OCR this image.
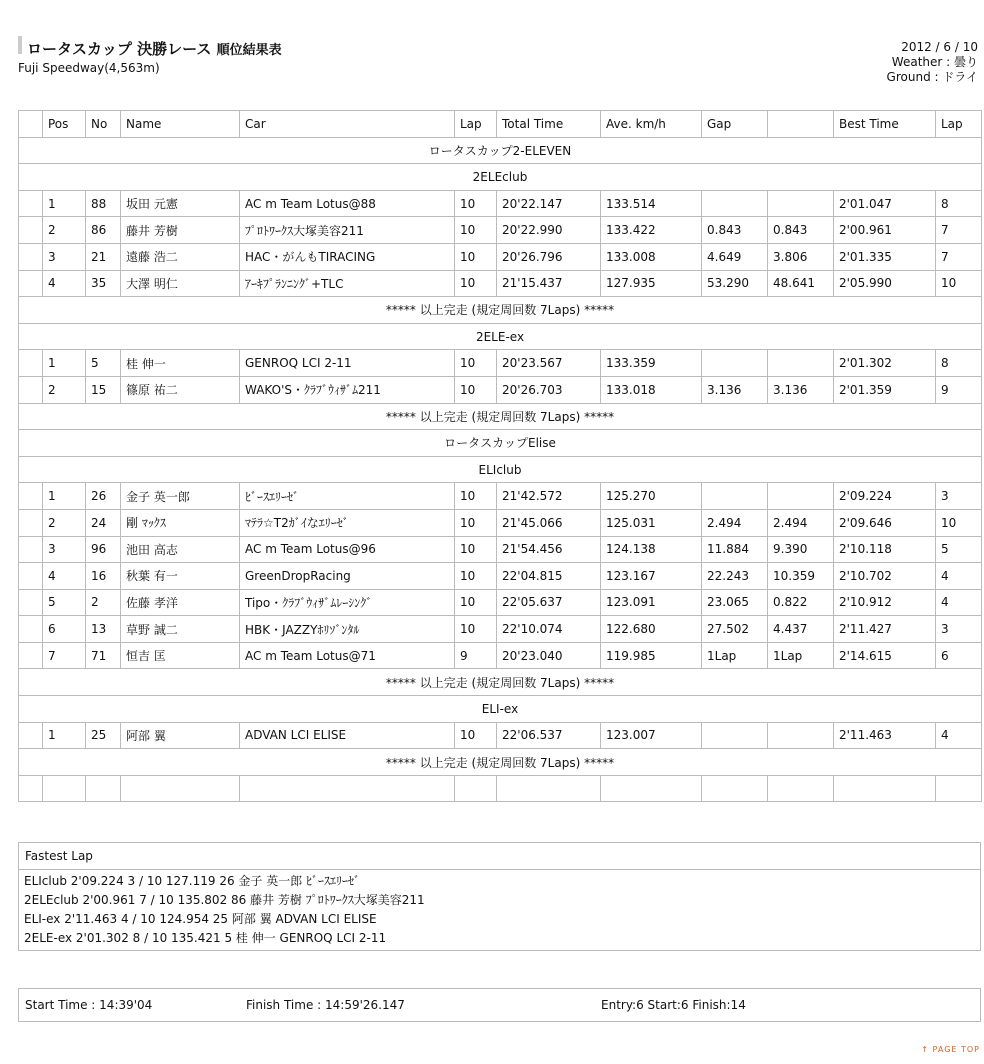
ロータスカップ 決勝レース 順位結果表
Fuji Speedway(4,563m)
2012 / 6 / 10
Weather : 曇り
Ground : ドライ
	Pos	No	Name	Car	Lap	Total Time	Ave. km/h	Gap		Best Time	Lap
ロータスカップ2-ELEVEN											
2ELEclub											
	1	88	坂田 元憲	AC m Team Lotus@88	10	20'22.147	133.514			2'01.047	8
	2	86	藤井 芳樹	ﾌﾟﾛﾄﾜｰｸｽ大塚美容211	10	20'22.990	133.422	0.843	0.843	2'00.961	7
	3	21	遠藤 浩二	HAC・がんもTIRACING	10	20'26.796	133.008	4.649	3.806	2'01.335	7
	4	35	大澤 明仁	ｱｰｷﾌﾟﾗﾝﾆﾝｸﾞ+TLC	10	21'15.437	127.935	53.290	48.641	2'05.990	10
***** 以上完走 (規定周回数 7Laps) *****											
2ELE-ex											
	1	5	桂 伸一	GENROQ LCI 2-11	10	20'23.567	133.359			2'01.302	8
	2	15	篠原 祐二	WAKO'S・ｸﾗﾌﾞｳｨｻﾞﾑ211	10	20'26.703	133.018	3.136	3.136	2'01.359	9
***** 以上完走 (規定周回数 7Laps) *****											
ロータスカップElise											
ELIclub											
	1	26	金子 英一郎	ﾋﾞｰｽｴﾘｰｾﾞ	10	21'42.572	125.270			2'09.224	3
	2	24	剛 ﾏｯｸｽ	ﾏﾃﾗ☆T2ｶﾞｲなｴﾘｰｾﾞ	10	21'45.066	125.031	2.494	2.494	2'09.646	10
	3	96	池田 高志	AC m Team Lotus@96	10	21'54.456	124.138	11.884	9.390	2'10.118	5
	4	16	秋葉 有一	GreenDropRacing	10	22'04.815	123.167	22.243	10.359	2'10.702	4
	5	2	佐藤 孝洋	Tipo・ｸﾗﾌﾞｳｨｻﾞﾑﾚｰｼﾝｸﾞ	10	22'05.637	123.091	23.065	0.822	2'10.912	4
	6	13	草野 誠二	HBK・JAZZYﾎﾘｿﾞﾝﾀﾙ	10	22'10.074	122.680	27.502	4.437	2'11.427	3
	7	71	恒吉 匡	AC m Team Lotus@71	9	20'23.040	119.985	1Lap	1Lap	2'14.615	6
***** 以上完走 (規定周回数 7Laps) *****											
ELI-ex											
	1	25	阿部 翼	ADVAN LCI ELISE	10	22'06.537	123.007			2'11.463	4
***** 以上完走 (規定周回数 7Laps) *****											

Fastest Lap
ELIclub 2'09.224 3 / 10 127.119 26 金子 英一郎 ﾋﾞｰｽｴﾘｰｾﾞ
2ELEclub 2'00.961 7 / 10 135.802 86 藤井 芳樹 ﾌﾟﾛﾄﾜｰｸｽ大塚美容211
ELI-ex 2'11.463 4 / 10 124.954 25 阿部 翼 ADVAN LCI ELISE
2ELE-ex 2'01.302 8 / 10 135.421 5 桂 伸一 GENROQ LCI 2-11
Start Time : 14:39'04	Finish Time : 14:59'26.147	Entry:6 Start:6 Finish:14
↑ PAGE TOP
